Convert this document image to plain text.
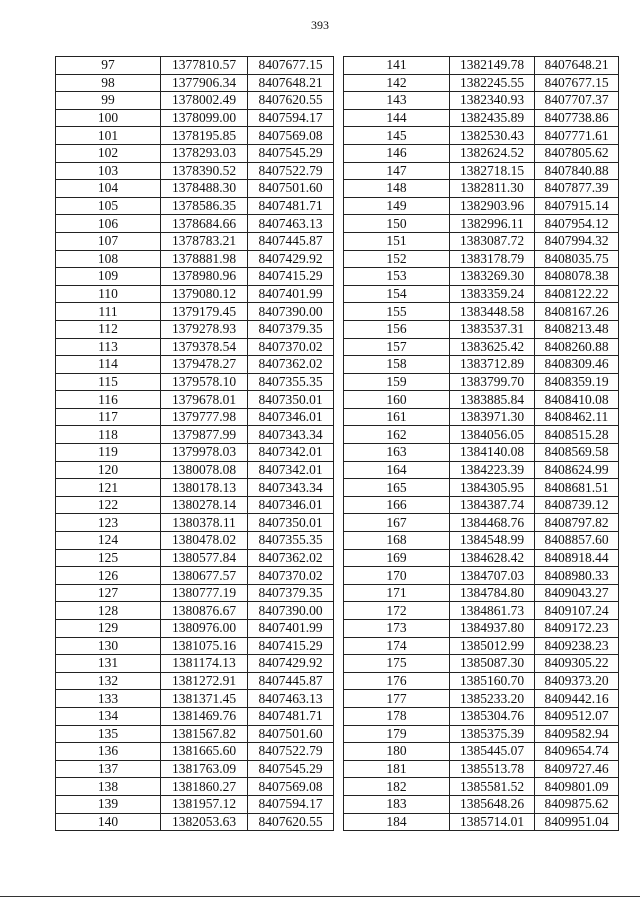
393
97	1377810.57	8407677.15
98	1377906.34	8407648.21
99	1378002.49	8407620.55
100	1378099.00	8407594.17
101	1378195.85	8407569.08
102	1378293.03	8407545.29
103	1378390.52	8407522.79
104	1378488.30	8407501.60
105	1378586.35	8407481.71
106	1378684.66	8407463.13
107	1378783.21	8407445.87
108	1378881.98	8407429.92
109	1378980.96	8407415.29
110	1379080.12	8407401.99
111	1379179.45	8407390.00
112	1379278.93	8407379.35
113	1379378.54	8407370.02
114	1379478.27	8407362.02
115	1379578.10	8407355.35
116	1379678.01	8407350.01
117	1379777.98	8407346.01
118	1379877.99	8407343.34
119	1379978.03	8407342.01
120	1380078.08	8407342.01
121	1380178.13	8407343.34
122	1380278.14	8407346.01
123	1380378.11	8407350.01
124	1380478.02	8407355.35
125	1380577.84	8407362.02
126	1380677.57	8407370.02
127	1380777.19	8407379.35
128	1380876.67	8407390.00
129	1380976.00	8407401.99
130	1381075.16	8407415.29
131	1381174.13	8407429.92
132	1381272.91	8407445.87
133	1381371.45	8407463.13
134	1381469.76	8407481.71
135	1381567.82	8407501.60
136	1381665.60	8407522.79
137	1381763.09	8407545.29
138	1381860.27	8407569.08
139	1381957.12	8407594.17
140	1382053.63	8407620.55
141	1382149.78	8407648.21
142	1382245.55	8407677.15
143	1382340.93	8407707.37
144	1382435.89	8407738.86
145	1382530.43	8407771.61
146	1382624.52	8407805.62
147	1382718.15	8407840.88
148	1382811.30	8407877.39
149	1382903.96	8407915.14
150	1382996.11	8407954.12
151	1383087.72	8407994.32
152	1383178.79	8408035.75
153	1383269.30	8408078.38
154	1383359.24	8408122.22
155	1383448.58	8408167.26
156	1383537.31	8408213.48
157	1383625.42	8408260.88
158	1383712.89	8408309.46
159	1383799.70	8408359.19
160	1383885.84	8408410.08
161	1383971.30	8408462.11
162	1384056.05	8408515.28
163	1384140.08	8408569.58
164	1384223.39	8408624.99
165	1384305.95	8408681.51
166	1384387.74	8408739.12
167	1384468.76	8408797.82
168	1384548.99	8408857.60
169	1384628.42	8408918.44
170	1384707.03	8408980.33
171	1384784.80	8409043.27
172	1384861.73	8409107.24
173	1384937.80	8409172.23
174	1385012.99	8409238.23
175	1385087.30	8409305.22
176	1385160.70	8409373.20
177	1385233.20	8409442.16
178	1385304.76	8409512.07
179	1385375.39	8409582.94
180	1385445.07	8409654.74
181	1385513.78	8409727.46
182	1385581.52	8409801.09
183	1385648.26	8409875.62
184	1385714.01	8409951.04
